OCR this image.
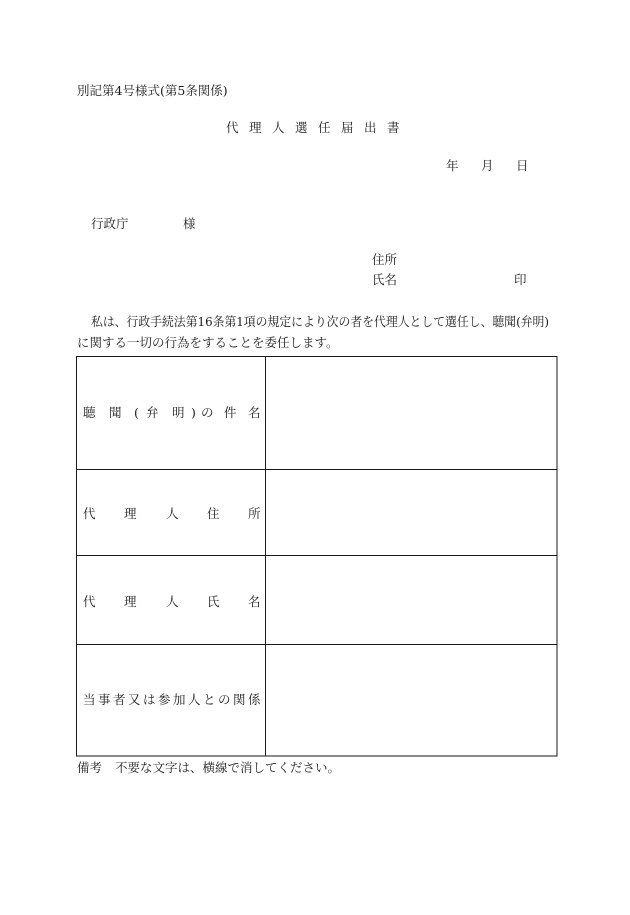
別記第4号様式(第5条関係)
代 理 人 選 任 届 出 書
年 月 日
行政庁	様
住所
氏名	印
私は、行政手続法第16条第1項の規定により次の者を代理人として選任し、聴聞(弁明)
に関する一切の行為をすることを委任します。
聴 聞 ( 弁 明 ) の 件 名
代 理 人 住 所
代 理 人 氏 名
当 事 者 又 は 参 加 人 と の 関 係
備考 不要な文字は、横線で消してください。
